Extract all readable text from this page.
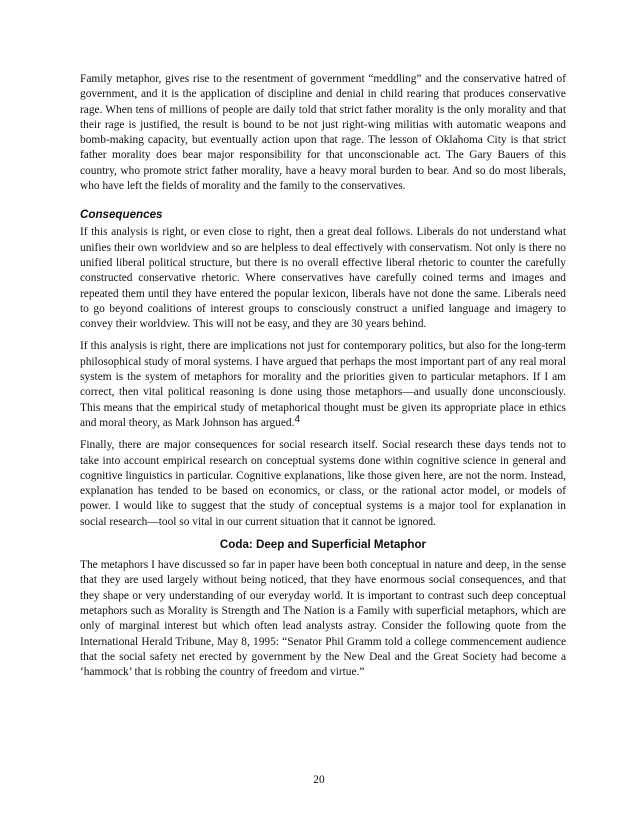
Family metaphor, gives rise to the resentment of government “meddling” and the conservative hatred of government, and it is the application of discipline and denial in child rearing that produces conservative rage. When tens of millions of people are daily told that strict father morality is the only morality and that their rage is justified, the result is bound to be not just right-wing militias with automatic weapons and bomb-making capacity, but eventually action upon that rage. The lesson of Oklahoma City is that strict father morality does bear major responsibility for that unconscionable act. The Gary Bauers of this country, who promote strict father morality, have a heavy moral burden to bear. And so do most liberals, who have left the fields of morality and the family to the conservatives.

Consequences

If this analysis is right, or even close to right, then a great deal follows. Liberals do not understand what unifies their own worldview and so are helpless to deal effectively with conservatism. Not only is there no unified liberal political structure, but there is no overall effective liberal rhetoric to counter the carefully constructed conservative rhetoric. Where conservatives have carefully coined terms and images and repeated them until they have entered the popular lexicon, liberals have not done the same. Liberals need to go beyond coalitions of interest groups to consciously construct a unified language and imagery to convey their worldview. This will not be easy, and they are 30 years behind.

If this analysis is right, there are implications not just for contemporary politics, but also for the long-term philosophical study of moral systems. I have argued that perhaps the most important part of any real moral system is the system of metaphors for morality and the priorities given to particular metaphors. If I am correct, then vital political reasoning is done using those metaphors—and usually done unconsciously. This means that the empirical study of metaphorical thought must be given its appropriate place in ethics and moral theory, as Mark Johnson has argued.4

Finally, there are major consequences for social research itself. Social research these days tends not to take into account empirical research on conceptual systems done within cognitive science in general and cognitive linguistics in particular. Cognitive explanations, like those given here, are not the norm. Instead, explanation has tended to be based on economics, or class, or the rational actor model, or models of power. I would like to suggest that the study of conceptual systems is a major tool for explanation in social research—tool so vital in our current situation that it cannot be ignored.

Coda: Deep and Superficial Metaphor

The metaphors I have discussed so far in paper have been both conceptual in nature and deep, in the sense that they are used largely without being noticed, that they have enormous social consequences, and that they shape or very understanding of our everyday world. It is important to contrast such deep conceptual metaphors such as Morality is Strength and The Nation is a Family with superficial metaphors, which are only of marginal interest but which often lead analysts astray. Consider the following quote from the International Herald Tribune, May 8, 1995: “Senator Phil Gramm told a college commencement audience that the social safety net erected by government by the New Deal and the Great Society had become a ‘hammock’ that is robbing the country of freedom and virtue.”

20
